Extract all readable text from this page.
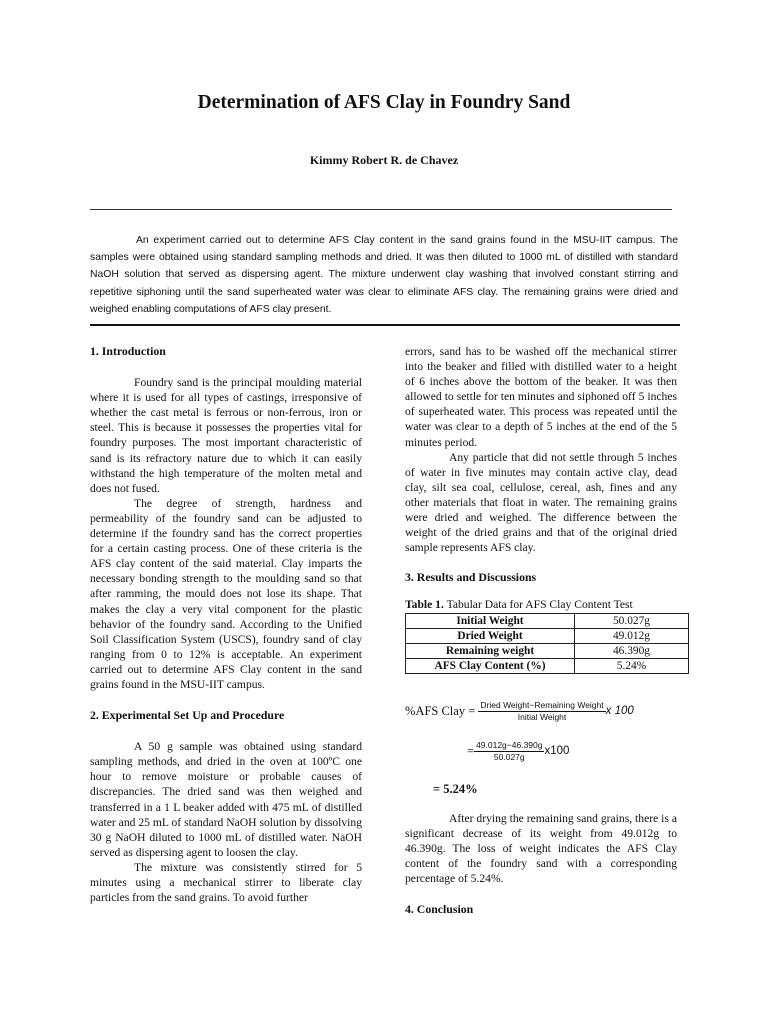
Determination of AFS Clay in Foundry Sand
Kimmy Robert R. de Chavez

An experiment carried out to determine AFS Clay content in the sand grains found in the MSU-IIT campus. The samples were obtained using standard sampling methods and dried. It was then diluted to 1000 mL of distilled with standard NaOH solution that served as dispersing agent. The mixture underwent clay washing that involved constant stirring and repetitive siphoning until the sand superheated water was clear to eliminate AFS clay. The remaining grains were dried and weighed enabling computations of AFS clay present.

1. Introduction

Foundry sand is the principal moulding material where it is used for all types of castings, irresponsive of whether the cast metal is ferrous or non-ferrous, iron or steel. This is because it possesses the properties vital for foundry purposes. The most important characteristic of sand is its refractory nature due to which it can easily withstand the high temperature of the molten metal and does not fused.

The degree of strength, hardness and permeability of the foundry sand can be adjusted to determine if the foundry sand has the correct properties for a certain casting process. One of these criteria is the AFS clay content of the said material. Clay imparts the necessary bonding strength to the moulding sand so that after ramming, the mould does not lose its shape. That makes the clay a very vital component for the plastic behavior of the foundry sand. According to the Unified Soil Classification System (USCS), foundry sand of clay ranging from 0 to 12% is acceptable. An experiment carried out to determine AFS Clay content in the sand grains found in the MSU-IIT campus.

2. Experimental Set Up and Procedure

A 50 g sample was obtained using standard sampling methods, and dried in the oven at 100ºC one hour to remove moisture or probable causes of discrepancies. The dried sand was then weighed and transferred in a 1 L beaker added with 475 mL of distilled water and 25 mL of standard NaOH solution by dissolving 30 g NaOH diluted to 1000 mL of distilled water. NaOH served as dispersing agent to loosen the clay.

The mixture was consistently stirred for 5 minutes using a mechanical stirrer to liberate clay particles from the sand grains. To avoid further

errors, sand has to be washed off the mechanical stirrer into the beaker and filled with distilled water to a height of 6 inches above the bottom of the beaker. It was then allowed to settle for ten minutes and siphoned off 5 inches of superheated water. This process was repeated until the water was clear to a depth of 5 inches at the end of the 5 minutes period.

Any particle that did not settle through 5 inches of water in five minutes may contain active clay, dead clay, silt sea coal, cellulose, cereal, ash, fines and any other materials that float in water. The remaining grains were dried and weighed. The difference between the weight of the dried grains and that of the original dried sample represents AFS clay.

3. Results and Discussions

Table 1. Tabular Data for AFS Clay Content Test

Initial Weight	50.027g
Dried Weight	49.012g
Remaining weight	46.390g
AFS Clay Content (%)	5.24%
%AFS Clay = $\frac{\text{Dried Weight−Remaining Weight}}{\text{Initial Weight}}$ x 100
= $\frac{49.012g-46.390g}{50.027g} x100$
= 5.24%

After drying the remaining sand grains, there is a significant decrease of its weight from 49.012g to 46.390g. The loss of weight indicates the AFS Clay content of the foundry sand with a corresponding percentage of 5.24%.

4. Conclusion
